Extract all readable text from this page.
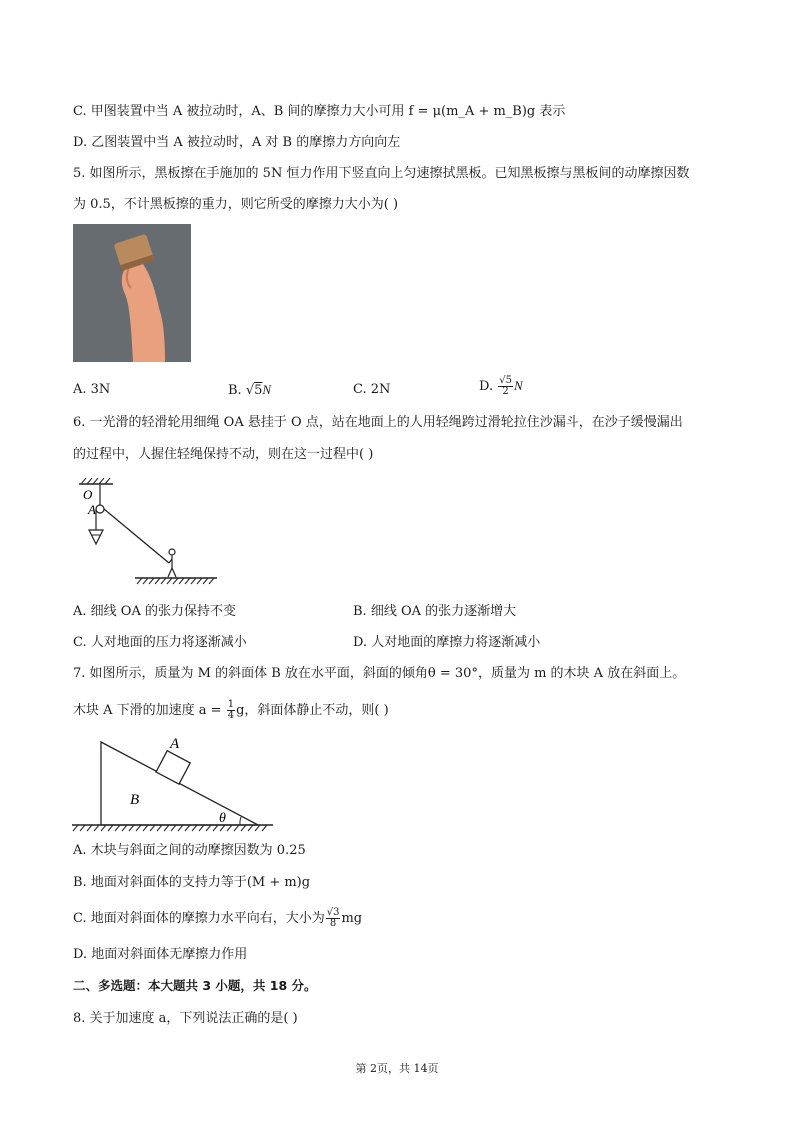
C. 甲图装置中当 A 被拉动时，A、B 间的摩擦力大小可用 f = μ(m_A + m_B)g 表示
D. 乙图装置中当 A 被拉动时，A 对 B 的摩擦力方向向左
5. 如图所示，黑板擦在手施加的 5N 恒力作用下竖直向上匀速擦拭黑板。已知黑板擦与黑板间的动摩擦因数
为 0.5，不计黑板擦的重力，则它所受的摩擦力大小为( )
A. 3N	B. √5N	C. 2N	D. $\frac{√5}{2}$ N
6. 一光滑的轻滑轮用细绳 OA 悬挂于 O 点，站在地面上的人用轻绳跨过滑轮拉住沙漏斗，在沙子缓慢漏出
的过程中，人握住轻绳保持不动，则在这一过程中( )
O
A
A. 细线 OA 的张力保持不变	B. 细线 OA 的张力逐渐增大
C. 人对地面的压力将逐渐减小	D. 人对地面的摩擦力将逐渐减小
7. 如图所示，质量为 M 的斜面体 B 放在水平面，斜面的倾角θ = 30°，质量为 m 的木块 A 放在斜面上。
木块 A 下滑的加速度 $a = \frac{1}{4}$ g，斜面体静止不动，则( )
A
B
θ
A. 木块与斜面之间的动摩擦因数为 0.25
B. 地面对斜面体的支持力等于(M + m)g
C. 地面对斜面体的摩擦力水平向右，大小为 $\frac{√3}{8}$ mg
D. 地面对斜面体无摩擦力作用
二、多选题：本大题共 3 小题，共 18 分。
8. 关于加速度 a，下列说法正确的是( )
第 2页，共 14页
